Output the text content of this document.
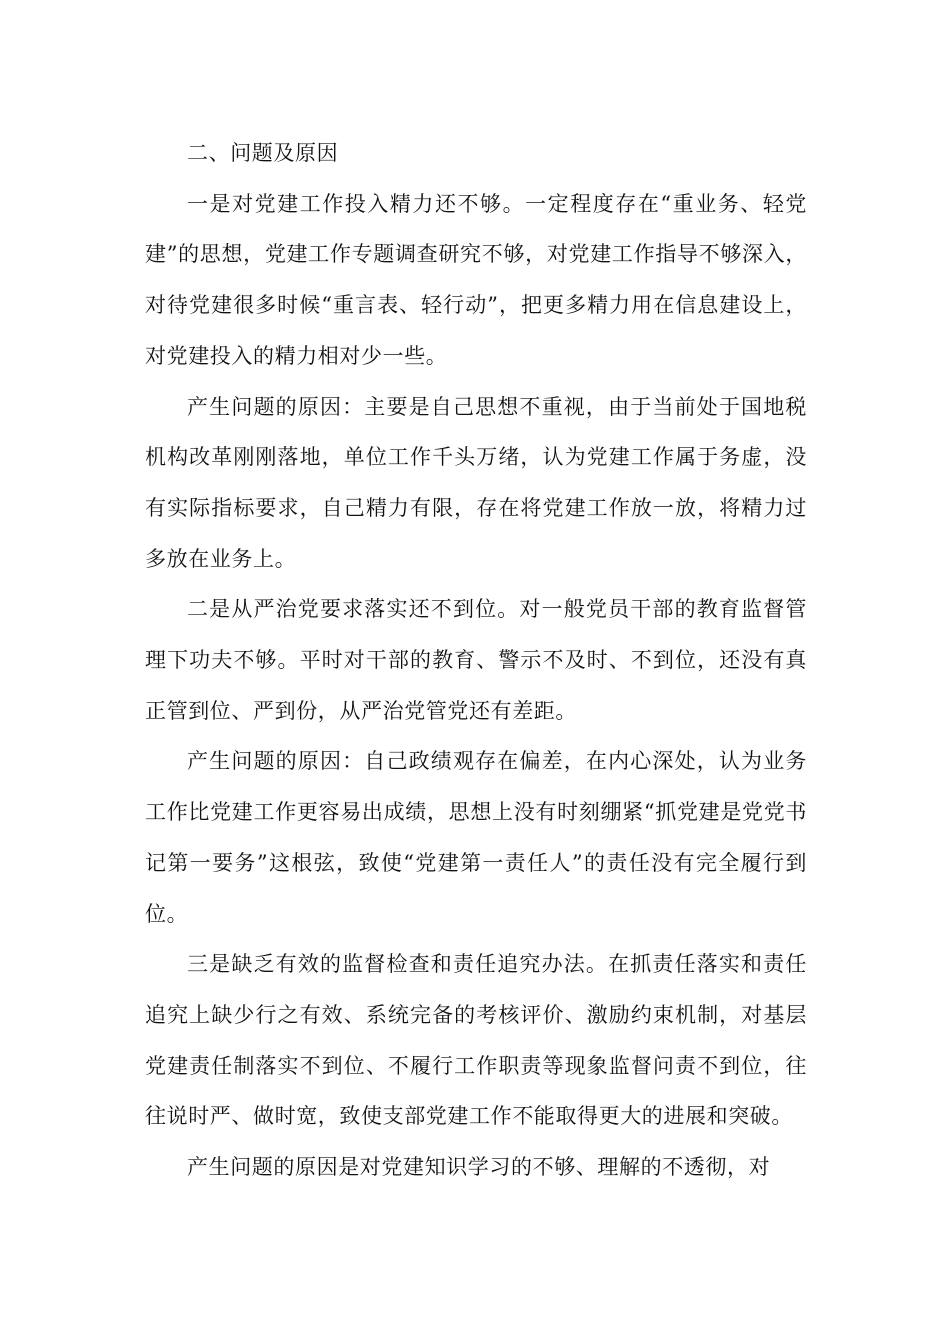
二、问题及原因

一是对党建工作投入精力还不够。一定程度存在“重业务、轻党建”的思想，党建工作专题调查研究不够，对党建工作指导不够深入，对待党建很多时候“重言表、轻行动”，把更多精力用在信息建设上，对党建投入的精力相对少一些。

产生问题的原因：主要是自己思想不重视，由于当前处于国地税机构改革刚刚落地，单位工作千头万绪，认为党建工作属于务虚，没有实际指标要求，自己精力有限，存在将党建工作放一放，将精力过多放在业务上。

二是从严治党要求落实还不到位。对一般党员干部的教育监督管理下功夫不够。平时对干部的教育、警示不及时、不到位，还没有真正管到位、严到份，从严治党管党还有差距。

产生问题的原因：自己政绩观存在偏差，在内心深处，认为业务工作比党建工作更容易出成绩，思想上没有时刻绷紧“抓党建是党党书记第一要务”这根弦，致使“党建第一责任人”的责任没有完全履行到位。

三是缺乏有效的监督检查和责任追究办法。在抓责任落实和责任追究上缺少行之有效、系统完备的考核评价、激励约束机制，对基层党建责任制落实不到位、不履行工作职责等现象监督问责不到位，往往说时严、做时宽，致使支部党建工作不能取得更大的进展和突破。

产生问题的原因是对党建知识学习的不够、理解的不透彻，对
